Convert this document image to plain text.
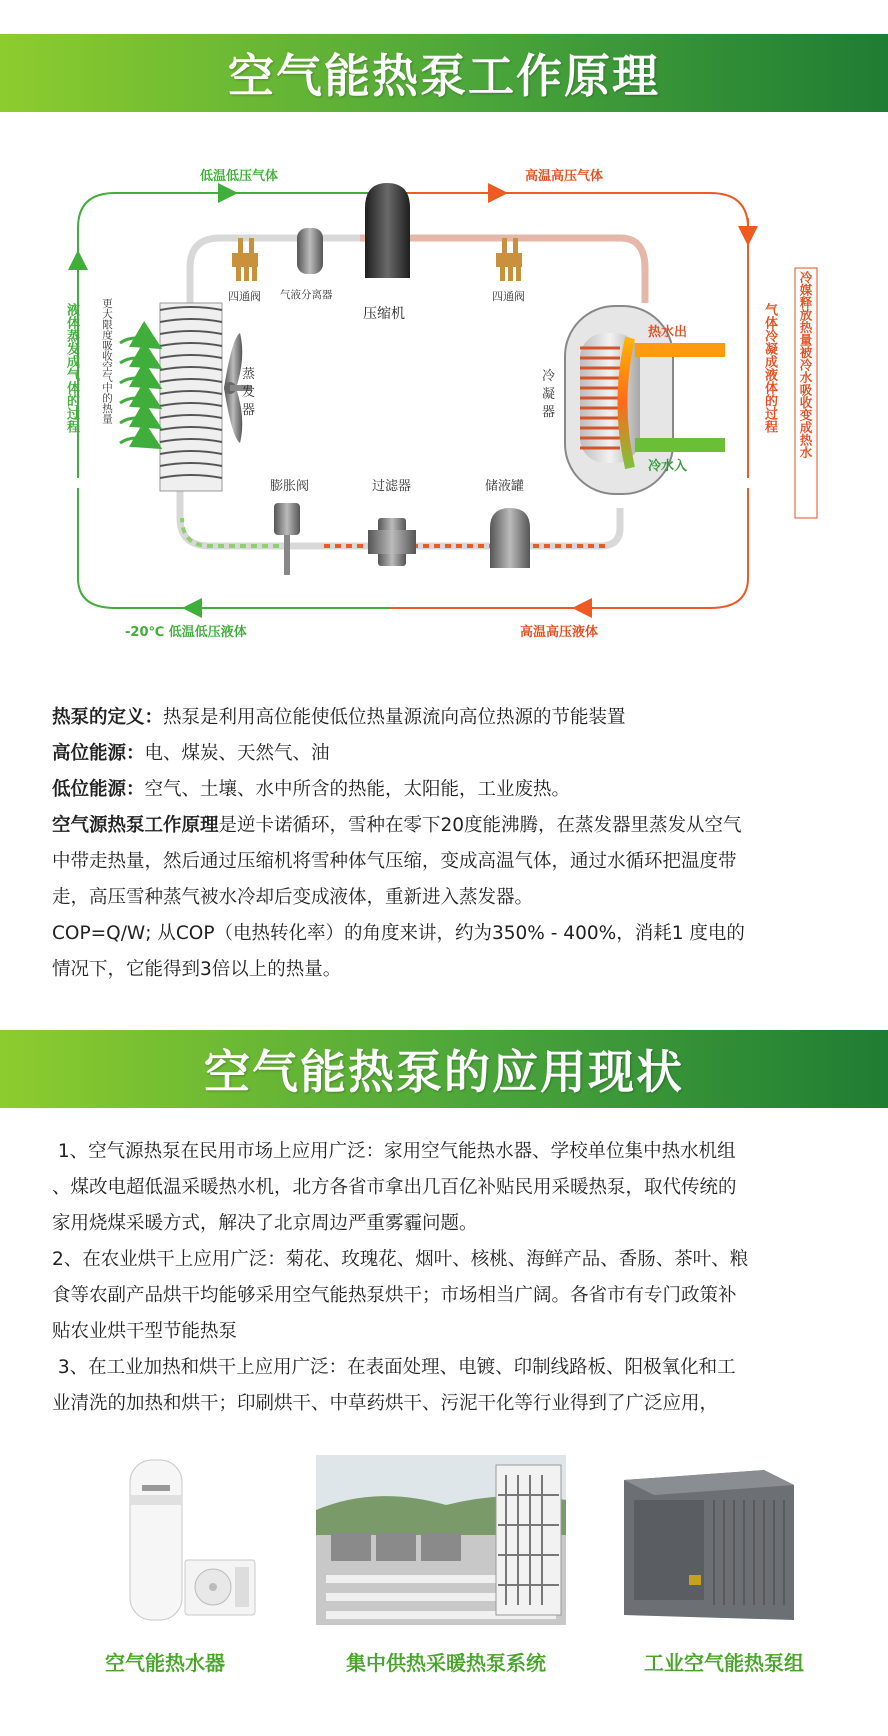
空气能热泵工作原理
四通阀	四通阀
气液分离器
压缩机
蒸
发
器
热水出
冷水入
冷
凝
器
膨胀阀	过滤器	储液罐
低温低压气体	高温高压气体
-20℃ 低温低压液体	高温高压液体
液体蒸发成气体的过程 更大限度吸收空气中的热量	气体冷凝成液体的过程 冷媒释放热量被冷水吸收变成热水
热泵的定义：热泵是利用高位能使低位热量源流向高位热源的节能装置
高位能源：电、煤炭、天然气、油
低位能源：空气、土壤、水中所含的热能，太阳能，工业废热。
空气源热泵工作原理是逆卡诺循环，雪种在零下20度能沸腾，在蒸发器里蒸发从空气
中带走热量，然后通过压缩机将雪种体气压缩，变成高温气体，通过水循环把温度带
走，高压雪种蒸气被水冷却后变成液体，重新进入蒸发器。
COP=Q/W; 从COP（电热转化率）的角度来讲，约为350% - 400%，消耗1 度电的
情况下，它能得到3倍以上的热量。
空气能热泵的应用现状
1、空气源热泵在民用市场上应用广泛：家用空气能热水器、学校单位集中热水机组
、煤改电超低温采暖热水机，北方各省市拿出几百亿补贴民用采暖热泵，取代传统的
家用烧煤采暖方式，解决了北京周边严重雾霾问题。
2、在农业烘干上应用广泛：菊花、玫瑰花、烟叶、核桃、海鲜产品、香肠、茶叶、粮
食等农副产品烘干均能够采用空气能热泵烘干；市场相当广阔。各省市有专门政策补
贴农业烘干型节能热泵
3、在工业加热和烘干上应用广泛：在表面处理、电镀、印制线路板、阳极氧化和工
业清洗的加热和烘干；印刷烘干、中草药烘干、污泥干化等行业得到了广泛应用，
空气能热水器	集中供热采暖热泵系统	工业空气能热泵组
